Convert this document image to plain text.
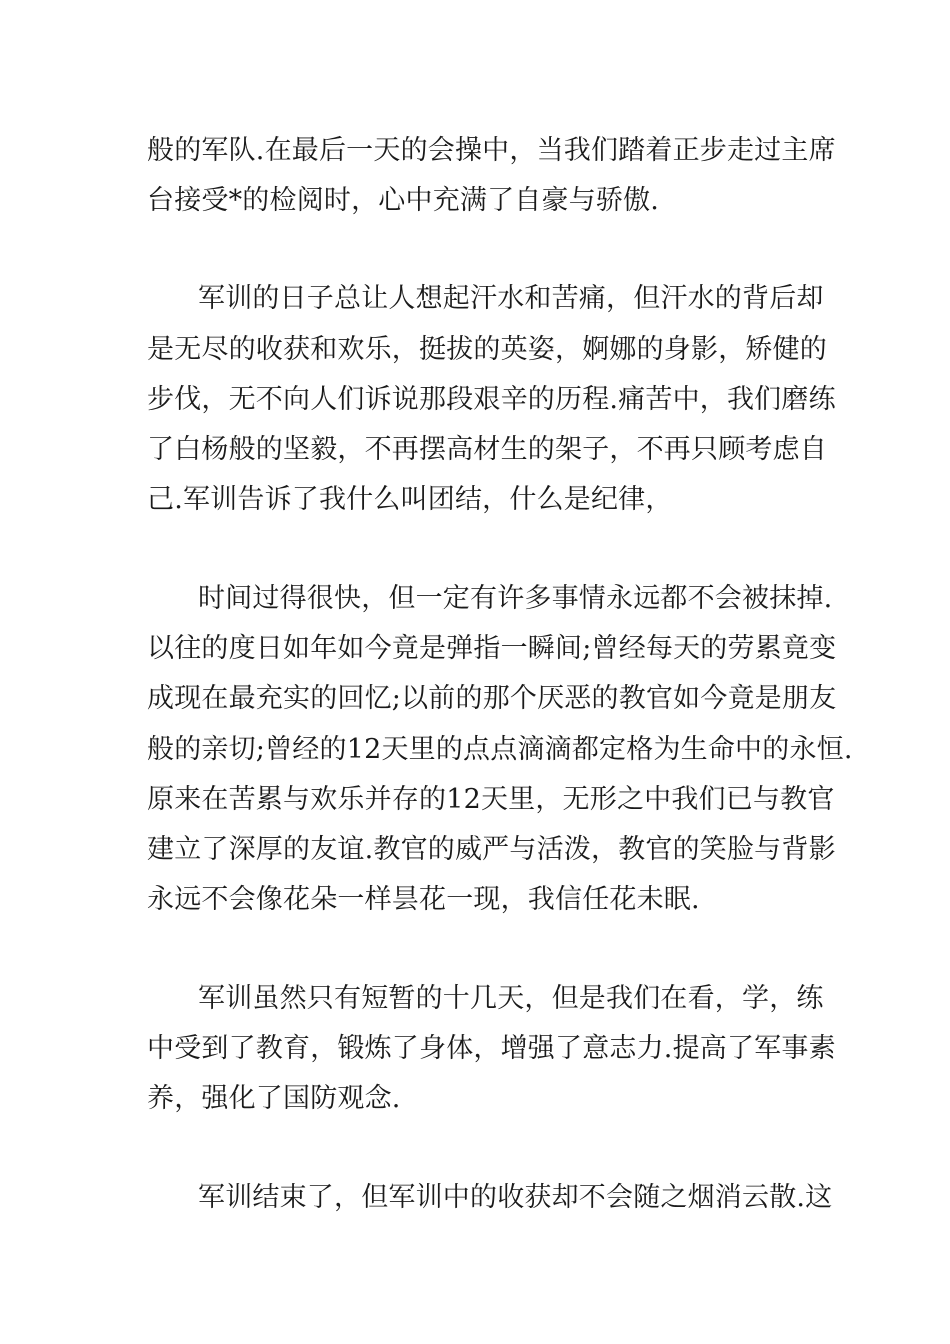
般的军队.在最后一天的会操中，当我们踏着正步走过主席

台接受*的检阅时，心中充满了自豪与骄傲.

军训的日子总让人想起汗水和苦痛，但汗水的背后却

是无尽的收获和欢乐，挺拔的英姿，婀娜的身影，矫健的

步伐，无不向人们诉说那段艰辛的历程.痛苦中，我们磨练

了白杨般的坚毅，不再摆高材生的架子，不再只顾考虑自

己.军训告诉了我什么叫团结，什么是纪律，

时间过得很快，但一定有许多事情永远都不会被抹掉.

以往的度日如年如今竟是弹指一瞬间;曾经每天的劳累竟变

成现在最充实的回忆;以前的那个厌恶的教官如今竟是朋友

般的亲切;曾经的12天里的点点滴滴都定格为生命中的永恒.

原来在苦累与欢乐并存的12天里，无形之中我们已与教官

建立了深厚的友谊.教官的威严与活泼，教官的笑脸与背影

永远不会像花朵一样昙花一现，我信任花未眠.

军训虽然只有短暂的十几天，但是我们在看，学，练

中受到了教育，锻炼了身体，增强了意志力.提高了军事素

养，强化了国防观念.

军训结束了，但军训中的收获却不会随之烟消云散.这
